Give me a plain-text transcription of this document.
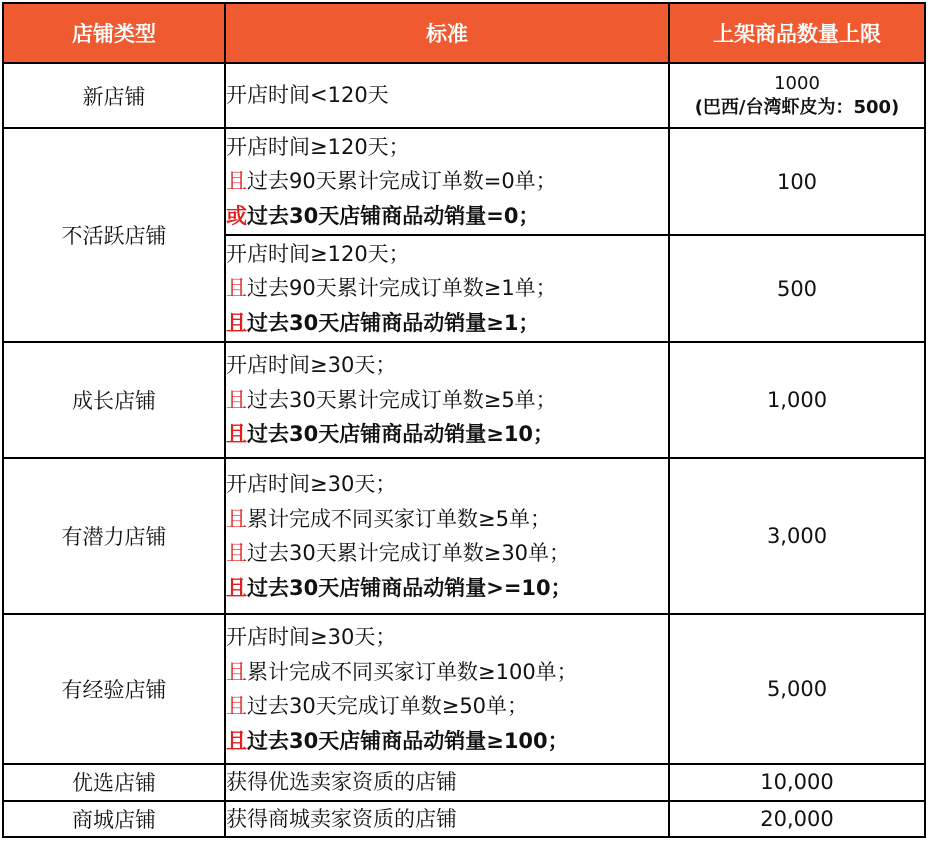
店铺类型	标准	上架商品数量上限
新店铺	开店时间<120天	1000
(巴西/台湾虾皮为：500)

不活跃店铺	开店时间≥120天；
且过去90天累计完成订单数=0单；
或过去30天店铺商品动销量=0；	100

	开店时间≥120天；
且过去90天累计完成订单数≥1单；
且过去30天店铺商品动销量≥1；	500
成长店铺	开店时间≥30天；
且过去30天累计完成订单数≥5单；
且过去30天店铺商品动销量≥10；	1,000
有潜力店铺	开店时间≥30天；
且累计完成不同买家订单数≥5单；
且过去30天累计完成订单数≥30单；
且过去30天店铺商品动销量>=10；	3,000
有经验店铺	开店时间≥30天；
且累计完成不同买家订单数≥100单；
且过去30天完成订单数≥50单；
且过去30天店铺商品动销量≥100；	5,000
优选店铺	获得优选卖家资质的店铺	10,000
商城店铺	获得商城卖家资质的店铺	20,000
